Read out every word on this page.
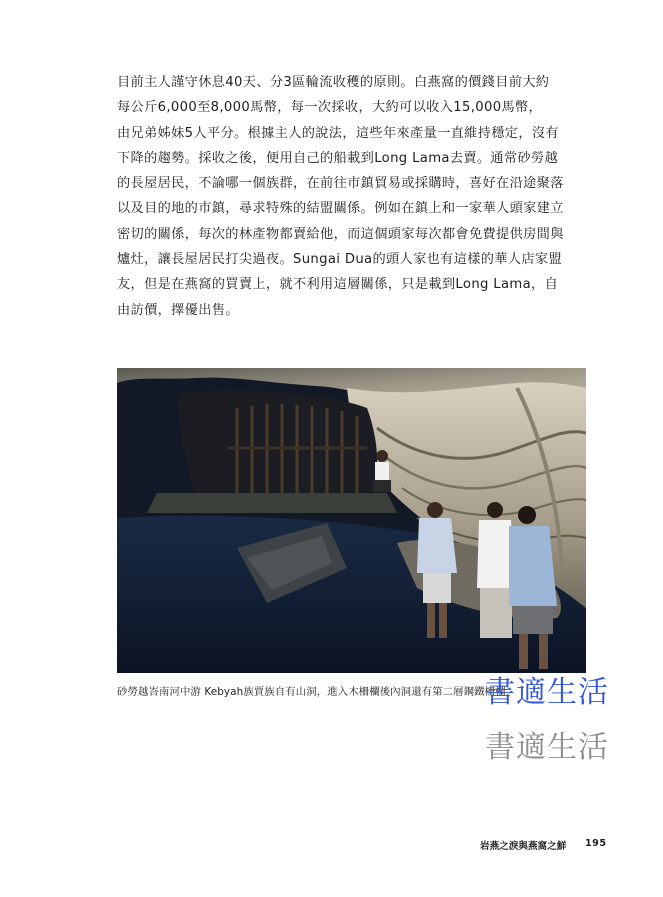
目前主人謹守休息40天、分3區輪流收穫的原則。白燕窩的價錢目前大約

每公斤6,000至8,000馬幣，每一次採收，大約可以收入15,000馬幣，

由兄弟姊妹5人平分。根據主人的說法，這些年來產量一直維持穩定，沒有

下降的趨勢。採收之後，便用自己的船載到Long Lama去賣。通常砂勞越

的長屋居民，不論哪一個族群，在前往市鎮貿易或採購時，喜好在沿途聚落

以及目的地的市鎮，尋求特殊的結盟關係。例如在鎮上和一家華人頭家建立

密切的關係，每次的林產物都賣給他，而這個頭家每次都會免費提供房間與

爐灶，讓長屋居民打尖過夜。Sungai Dua的頭人家也有這樣的華人店家盟

友，但是在燕窩的買賣上，就不利用這層關係，只是載到Long Lama，自

由訪價，擇優出售。

砂勞越峇南河中游 Kebyah族賈族自有山洞，進入木柵欄後內洞還有第二層鋼鐵柵欄
書適生活
書適生活
岩燕之淚與燕窩之鮮 195
